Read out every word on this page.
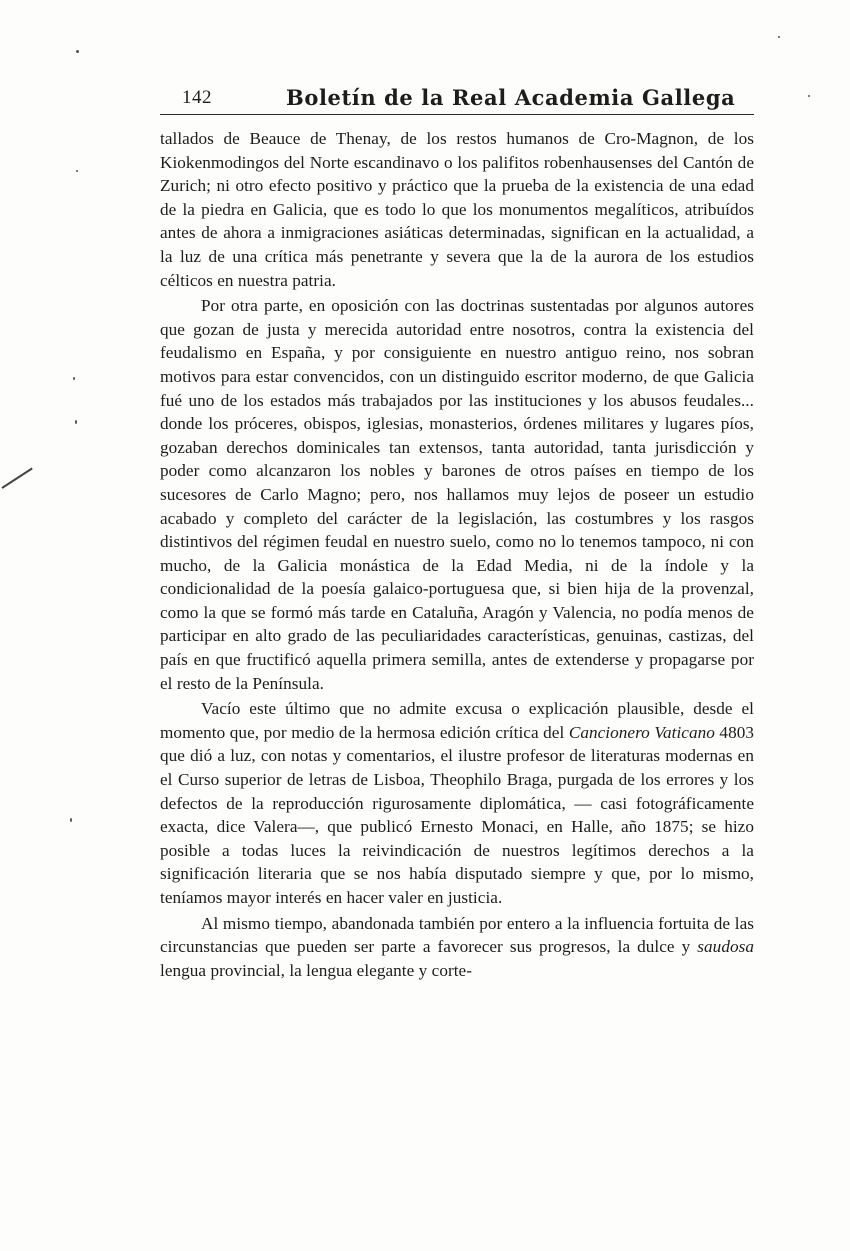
142	Boletín de la Real Academia Gallega

tallados de Beauce de Thenay, de los restos humanos de Cro-Magnon, de los Kiokenmodingos del Norte escandinavo o los palifitos robenhausenses del Cantón de Zurich; ni otro efecto positivo y práctico que la prueba de la existencia de una edad de la piedra en Galicia, que es todo lo que los monumentos megalíticos, atribuídos antes de ahora a inmigraciones asiáticas determinadas, significan en la actualidad, a la luz de una crítica más penetrante y severa que la de la aurora de los estudios célticos en nuestra patria.

Por otra parte, en oposición con las doctrinas sustentadas por algunos autores que gozan de justa y merecida autoridad entre nosotros, contra la existencia del feudalismo en España, y por consiguiente en nuestro antiguo reino, nos sobran motivos para estar convencidos, con un distinguido escritor moderno, de que Galicia fué uno de los estados más trabajados por las instituciones y los abusos feudales... donde los próceres, obispos, iglesias, monasterios, órdenes militares y lugares píos, gozaban derechos dominicales tan extensos, tanta autoridad, tanta jurisdicción y poder como alcanzaron los nobles y barones de otros países en tiempo de los sucesores de Carlo Magno; pero, nos hallamos muy lejos de poseer un estudio acabado y completo del carácter de la legislación, las costumbres y los rasgos distintivos del régimen feudal en nuestro suelo, como no lo tenemos tampoco, ni con mucho, de la Galicia monástica de la Edad Media, ni de la índole y la condicionalidad de la poesía galaico-portuguesa que, si bien hija de la provenzal, como la que se formó más tarde en Cataluña, Aragón y Valencia, no podía menos de participar en alto grado de las peculiaridades características, genuinas, castizas, del país en que fructificó aquella primera semilla, antes de extenderse y propagarse por el resto de la Península.

Vacío este último que no admite excusa o explicación plausible, desde el momento que, por medio de la hermosa edición crítica del Cancionero Vaticano 4803 que dió a luz, con notas y comentarios, el ilustre profesor de literaturas modernas en el Curso superior de letras de Lisboa, Theophilo Braga, purgada de los errores y los defectos de la reproducción rigurosamente diplomática, — casi fotográficamente exacta, dice Valera—, que publicó Ernesto Monaci, en Halle, año 1875; se hizo posible a todas luces la reivindicación de nuestros legítimos derechos a la significación literaria que se nos había disputado siempre y que, por lo mismo, teníamos mayor interés en hacer valer en justicia.

Al mismo tiempo, abandonada también por entero a la influencia fortuita de las circunstancias que pueden ser parte a favorecer sus progresos, la dulce y saudosa lengua provincial, la lengua elegante y corte-
